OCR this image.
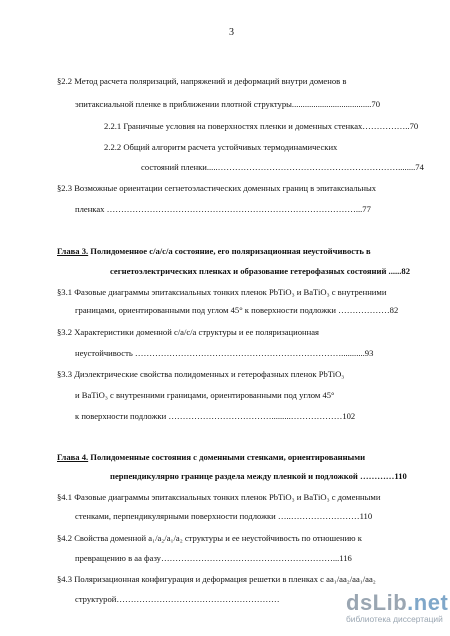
3
§2.2 Метод расчета поляризаций, напряжений и деформаций внутри доменов в
эпитаксиальной пленке в приближении плотной структуры.....................................70
2.2.1 Граничные условия на поверхностях пленки и доменных стенках……………..70
2.2.2 Общий алгоритм расчета устойчивых термодинамических
состояний пленки.....………………………………………………………........74
§2.3 Возможные ориентации сегнетоэластических доменных границ в эпитаксиальных
пленках ……………………………………………………………………………...77
Глава 3. Полидоменное c/a/c/a состояние, его поляризационная неустойчивость в
сегнетоэлектрических пленках и образование гетерофазных состояний ......82
§3.1 Фазовые диаграммы эпитаксиальных тонких пленок PbTiO₃ и BaTiO₃ с внутренними
границами, ориентированными под углом 45° к поверхности подложки ………………82
§3.2 Характеристики доменной c/a/c/a структуры и ее поляризационная
неустойчивость ………………………………………………………………...........93
§3.3 Диэлектрические свойства полидоменных и гетерофазных пленок PbTiO₃
и BaTiO₃ с внутренними границами, ориентированными под углом 45°
к поверхности подложки ……………………………….........………………102
Глава 4. Полидоменные состояния с доменными стенками, ориентированными
перпендикулярно границе раздела между пленкой и подложкой …………110
§4.1 Фазовые диаграммы эпитаксиальных тонких пленок PbTiO₃ и BaTiO₃ с доменными
стенками, перпендикулярными поверхности подложки …..……………………110
§4.2 Свойства доменной a₁/a₂/a₁/a₂ структуры и ее неустойчивость по отношению к
превращению в aa фазу……………………………………………………...116
§4.3 Поляризационная конфигурация и деформация решетки в пленках с aa₁/aa₂/aa₁/aa₂
структурой…………………………………………………	dsLib.net
библиотека диссертаций
